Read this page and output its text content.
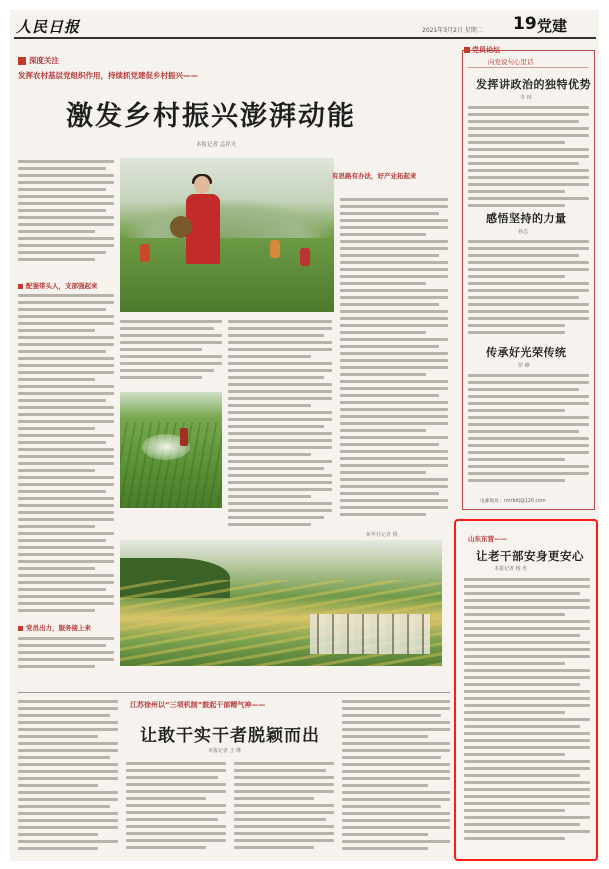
人民日报	2021年3月2日 星期二 19 党建
深度关注
发挥农村基层党组织作用，持续抓党建促乡村振兴——
激发乡村振兴澎湃动能
本报记者 孟祥夫
配强带头人，支部强起来
党员出力，服务接上来
有思路有办法，好产业拓起来
新华社记者 摄
党员论坛
向党说句心里话
发挥讲政治的独特优势
李 林
感悟坚持的力量
孙志
传承好光荣传统
罗 峰
电邮地址：rmrbdj@126.com
山东东营——
让老干部安身更安心
本报记者 杨 杰
江苏徐州以“三项机制”鼓起干部精气神——
让敢干实干者脱颖而出
本报记者 王 继
